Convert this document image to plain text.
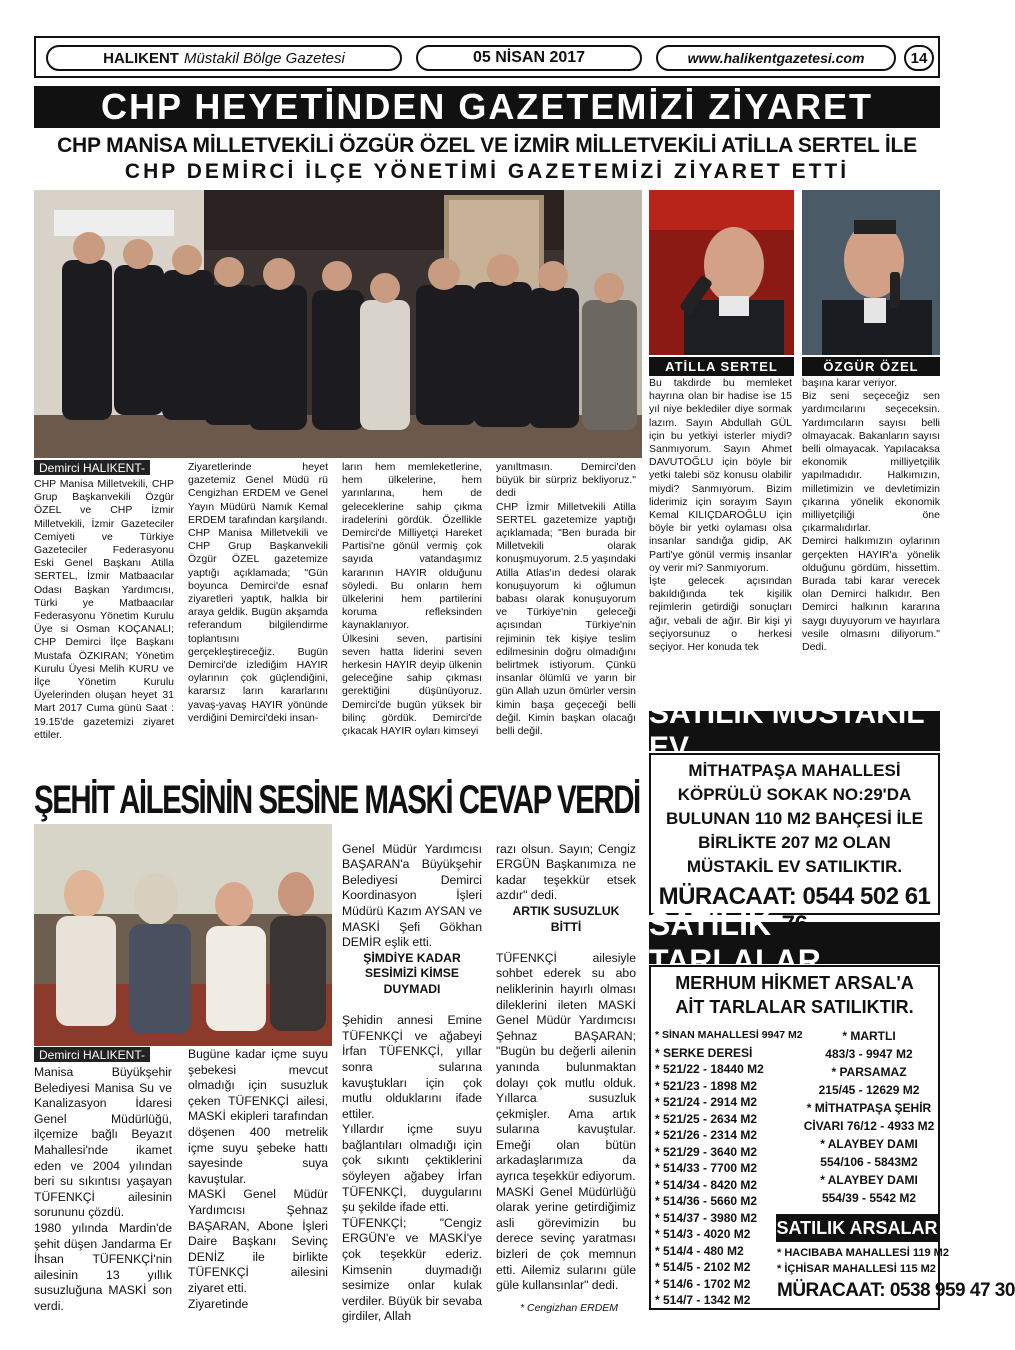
HALIKENT Müstakil Bölge Gazetesi	05 NİSAN 2017	www.halikentgazetesi.com	14
CHP HEYETİNDEN GAZETEMİZİ ZİYARET
CHP MANİSA MİLLETVEKİLİ ÖZGÜR ÖZEL VE İZMİR MİLLETVEKİLİ ATİLLA SERTEL İLE
CHP DEMİRCİ İLÇE YÖNETİMİ GAZETEMİZİ ZİYARET ETTİ
ATİLLA SERTEL	ÖZGÜR ÖZEL
Demirci HALIKENT-
CHP Manisa Milletvekili, CHP Grup Başkanvekili Özgür ÖZEL ve CHP İzmir Milletvekili, İzmir Gazeteciler Cemiyeti ve Türkiye Gazeteciler Federasyonu Eski Genel Başkanı Atilla SERTEL, İzmir Matbaacılar Odası Başkan Yardımcısı, Türki ye Matbaacılar Federasyonu Yönetim Kurulu Üye si Osman KOÇANALI; CHP Demirci İlçe Başkanı Mustafa ÖZKIRAN; Yönetim Kurulu Üyesi Melih KURU ve İlçe Yönetim Kurulu Üyelerinden oluşan heyet 31 Mart 2017 Cuma günü Saat : 19.15'de gazetemizi ziyaret ettiler.
Ziyaretlerinde heyet gazetemiz Genel Müdü rü Cengizhan ERDEM ve Genel Yayın Müdürü Namık Kemal ERDEM tarafından karşılandı.
CHP Manisa Milletvekili ve CHP Grup Başkanvekili Özgür ÖZEL gazetemize yaptığı açıklamada; "Gün boyunca Demirci'de esnaf ziyaretleri yaptık, halkla bir araya geldik. Bugün akşamda referandum bilgilendirme toplantısını gerçekleştireceğiz. Bugün Demirci'de izlediğim HAYIR oylarının çok güçlendiğini, kararsız ların kararlarını yavaş-yavaş HAYIR yönünde verdiğini Demirci'deki insan-
ların hem memleketlerine, hem ülkelerine, hem yarınlarına, hem de geleceklerine sahip çıkma iradelerini gördük. Özellikle Demirci'de Milliyetçi Hareket Partisi'ne gönül vermiş çok sayıda vatandaşımız kararının HAYIR olduğunu söyledi. Bu onların hem ülkelerini hem partilerini koruma refleksinden kaynaklanıyor.
Ülkesini seven, partisini seven hatta liderini seven herkesin HAYIR deyip ülkenin geleceğine sahip çıkması gerektiğini düşünüyoruz. Demirci'de bugün yüksek bir bilinç gördük. Demirci'de çıkacak HAYIR oyları kimseyi
yanıltmasın. Demirci'den büyük bir sürpriz bekliyoruz." dedi
CHP İzmir Milletvekili Atilla SERTEL gazetemize yaptığı açıklamada; "Ben burada bir Milletvekili olarak konuşmuyorum. 2.5 yaşındaki Atilla Atlas'ın dedesi olarak konuşuyorum ki oğlumun babası olarak konuşuyorum ve Türkiye'nin geleceği açısından Türkiye'nin rejiminin tek kişiye teslim edilmesinin doğru olmadığını belirtmek istiyorum. Çünkü insanlar ölümlü ve yarın bir gün Allah uzun ömürler versin kimin başa geçeceği belli değil. Kimin başkan olacağı belli değil.
Bu takdirde bu memleket hayrına olan bir hadise ise 15 yıl niye beklediler diye sormak lazım. Sayın Abdullah GÜL için bu yetkiyi isterler miydi? Sanmıyorum. Sayın Ahmet DAVUTOĞLU için böyle bir yetki talebi söz konusu olabilir miydi? Sanmıyorum. Bizim liderimiz için sorayım Sayın Kemal KILIÇDAROĞLU için böyle bir yetki oylaması olsa insanlar sandığa gidip, AK Parti'ye gönül vermiş insanlar oy verir mi? Sanmıyorum.
İşte gelecek açısından bakıldığında tek kişilik rejimlerin getirdiği sonuçları ağır, vebali de ağır. Bir kişi yi seçiyorsunuz o herkesi seçiyor. Her konuda tek
başına karar veriyor.
Biz seni seçeceğiz sen yardımcılarını seçeceksin. Yardımcıların sayısı belli olmayacak. Bakanların sayısı belli olmayacak. Yapılacaksa ekonomik milliyetçilik yapılmadıdır. Halkımızın, milletimizin ve devletimizin çıkarına yönelik ekonomik milliyetçiliği öne çıkarmalıdırlar.
Demirci halkımızın oylarının gerçekten HAYIR'a yönelik olduğunu gördüm, hissettim. Burada tabi karar verecek olan Demirci halkıdır. Ben Demirci halkının kararına saygı duyuyorum ve hayırlara vesile olmasını diliyorum." Dedi.
ŞEHİT AİLESİNİN SESİNE MASKİ CEVAP VERDİ
Demirci HALIKENT-
Manisa Büyükşehir Belediyesi Manisa Su ve Kanalizasyon İdaresi Genel Müdürlüğü, ilçemize bağlı Beyazıt Mahallesi'nde ikamet eden ve 2004 yılından beri su sıkıntısı yaşayan TÜFENKÇİ ailesinin sorununu çözdü.
1980 yılında Mardin'de şehit düşen Jandarma Er İhsan TÜFENKÇİ'nin ailesinin 13 yıllık susuzluğuna MASKİ son verdi.
Bugüne kadar içme suyu şebekesi mevcut olmadığı için susuzluk çeken TÜFENKÇİ ailesi, MASKİ ekipleri tarafından döşenen 400 metrelik içme suyu şebeke hattı sayesinde suya kavuştular.
MASKİ Genel Müdür Yardımcısı Şehnaz BAŞARAN, Abone İşleri Daire Başkanı Sevinç DENİZ ile birlikte TÜFENKÇİ ailesini ziyaret etti.
Ziyaretinde

Genel Müdür Yardımcısı BAŞARAN'a Büyükşehir Belediyesi Demirci Koordinasyon İşleri Müdürü Kazım AYSAN ve MASKİ Şefi Gökhan DEMİR eşlik etti.

ŞİMDİYE KADAR SESİMİZİ KİMSE DUYMADI

Şehidin annesi Emine TÜFENKÇİ ve ağabeyi İrfan TÜFENKÇİ, yıllar sonra sularına kavuştukları için çok mutlu olduklarını ifade ettiler.
Yıllardır içme suyu bağlantıları olmadığı için çok sıkıntı çektiklerini söyleyen ağabey İrfan TÜFENKÇİ, duygularını şu şekilde ifade etti.
TÜFENKÇİ; "Cengiz ERGÜN'e ve MASKİ'ye çok teşekkür ederiz. Kimsenin duymadığı sesimize onlar kulak verdiler. Büyük bir sevaba girdiler, Allah

razı olsun. Sayın; Cengiz ERGÜN Başkanımıza ne kadar teşekkür etsek azdır" dedi.

ARTIK SUSUZLUK BİTTİ

TÜFENKÇİ ailesiyle sohbet ederek su abo neliklerinin hayırlı olması dileklerini ileten MASKİ Genel Müdür Yardımcısı Şehnaz BAŞARAN; "Bugün bu değerli ailenin yanında bulunmaktan dolayı çok mutlu olduk. Yıllarca susuzluk çekmişler. Ama artık sularına kavuştular. Emeği olan bütün arkadaşlarımıza da ayrıca teşekkür ediyorum.
MASKİ Genel Müdürlüğü olarak yerine getirdiğimiz asli görevimizin bu derece sevinç yaratması bizleri de çok memnun etti. Ailemiz sularını güle güle kullansınlar" dedi.

* Cengizhan ERDEM
SATILIK MÜSTAKİL EV
MİTHATPAŞA MAHALLESİ
KÖPRÜLÜ SOKAK NO:29'DA
BULUNAN 110 M2 BAHÇESİ İLE
BİRLİKTE 207 M2 OLAN
MÜSTAKİL EV SATILIKTIR.
MÜRACAAT: 0544 502 61
SATILIK TARLALAR
MERHUM HİKMET ARSAL'A
AİT TARLALAR SATILIKTIR.
SATILIK ARSALAR
* HACIBABA MAHALLESİ 119 M2
* İÇHİSAR MAHALLESİ 115 M2
MÜRACAAT: 0538 959 47 30
* SİNAN MAHALLESİ 9947 M2
* SERKE DERESİ
* 521/22 - 18440 M2
* 521/23 - 1898 M2
* 521/24 - 2914 M2
* 521/25 - 2634 M2
* 521/26 - 2314 M2
* 521/29 - 3640 M2
* 514/33 - 7700 M2
* 514/34 - 8420 M2
* 514/36 - 5660 M2
* 514/37 - 3980 M2
* 514/3 - 4020 M2
* 514/4 - 480 M2
* 514/5 - 2102 M2
* 514/6 - 1702 M2
* 514/7 - 1342 M2
* MARTLI
483/3 - 9947 M2
* PARSAMAZ
215/45 - 12629 M2
* MİTHATPAŞA ŞEHİR
CİVARI 76/12 - 4933 M2
* ALAYBEY DAMI
554/106 - 5843M2
* ALAYBEY DAMI
554/39 - 5542 M2
